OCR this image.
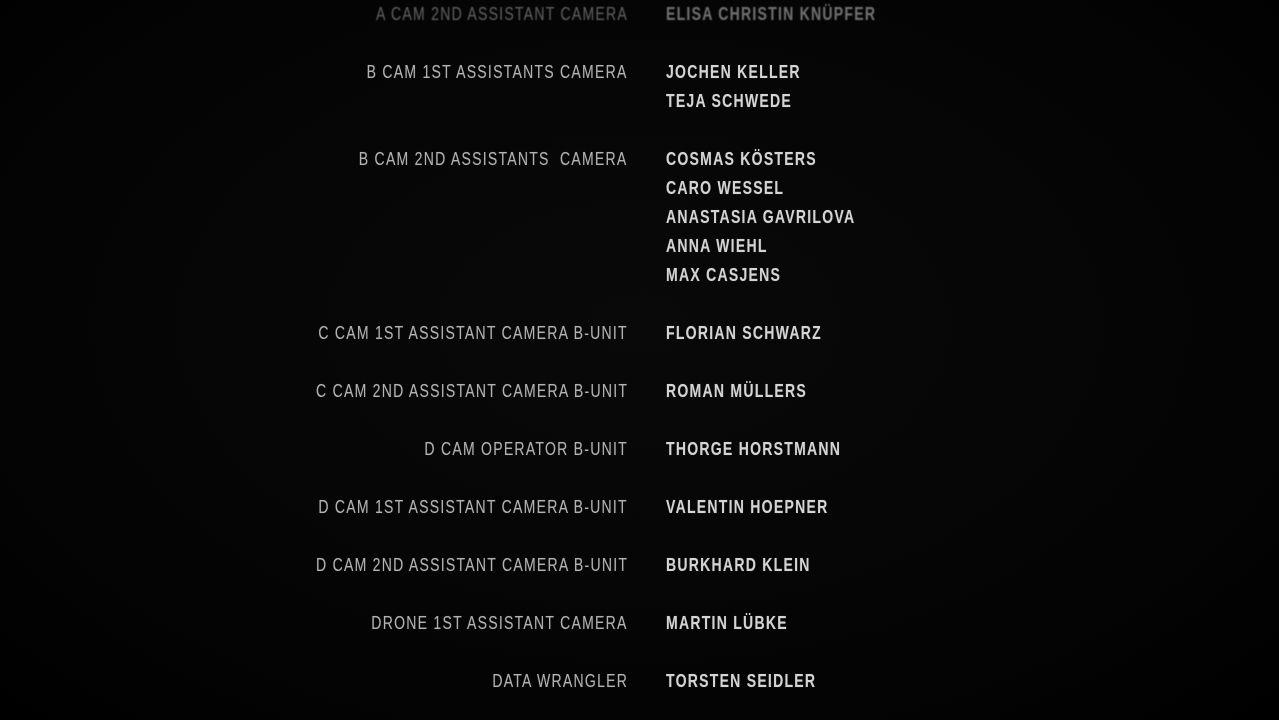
A CAM 2ND ASSISTANT CAMERA ELISA CHRISTIN KNÜPFER
B CAM 1ST ASSISTANTS CAMERA JOCHEN KELLER
TEJA SCHWEDE
B CAM 2ND ASSISTANTS  CAMERA COSMAS KÖSTERS
CARO WESSEL
ANASTASIA GAVRILOVA
ANNA WIEHL
MAX CASJENS
C CAM 1ST ASSISTANT CAMERA B-UNIT FLORIAN SCHWARZ
C CAM 2ND ASSISTANT CAMERA B-UNIT ROMAN MÜLLERS
D CAM OPERATOR B-UNIT THORGE HORSTMANN
D CAM 1ST ASSISTANT CAMERA B-UNIT VALENTIN HOEPNER
D CAM 2ND ASSISTANT CAMERA B-UNIT BURKHARD KLEIN
DRONE 1ST ASSISTANT CAMERA MARTIN LÜBKE
DATA WRANGLER TORSTEN SEIDLER
